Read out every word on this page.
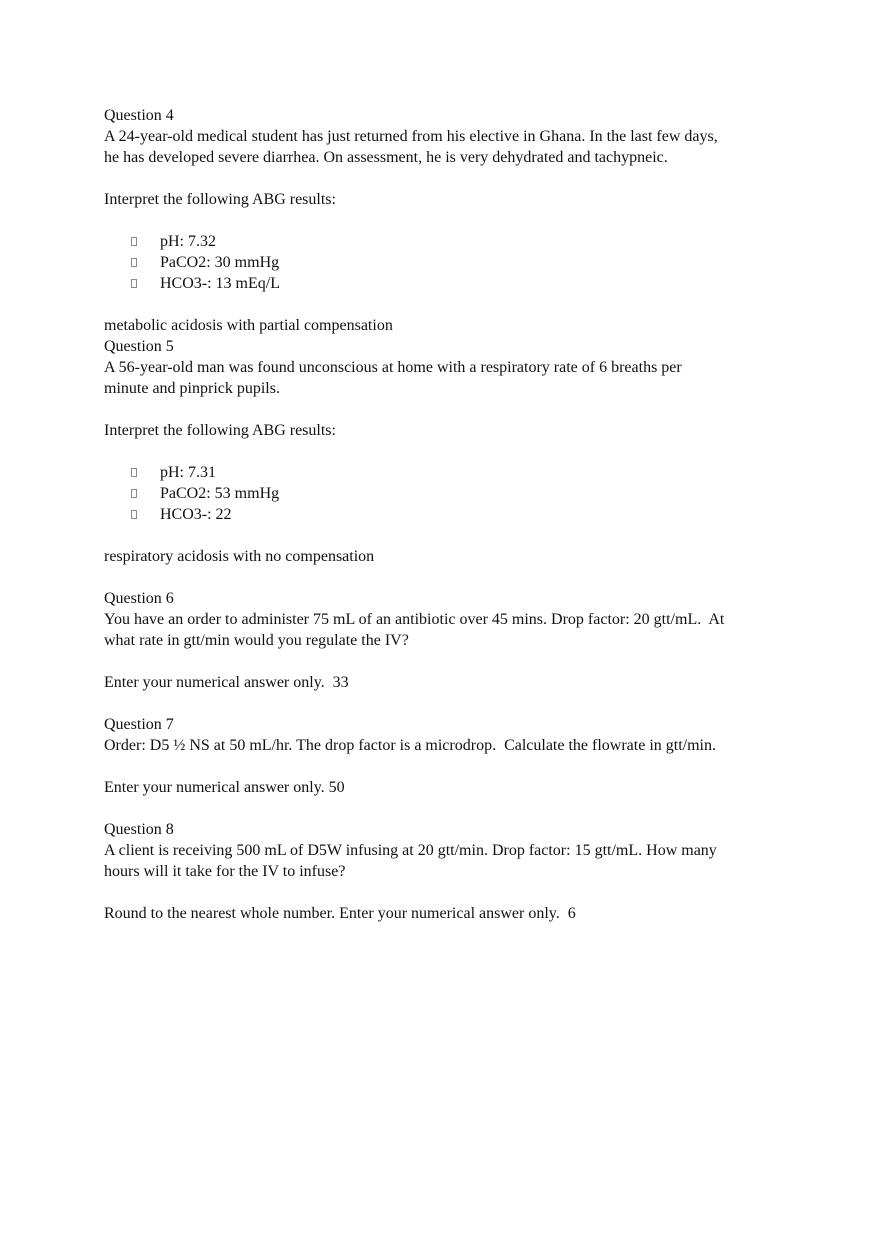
Question 4
A 24-year-old medical student has just returned from his elective in Ghana. In the last few days,
he has developed severe diarrhea. On assessment, he is very dehydrated and tachypneic.
Interpret the following ABG results:
pH: 7.32
PaCO2: 30 mmHg
HCO3-: 13 mEq/L
metabolic acidosis with partial compensation
Question 5
A 56-year-old man was found unconscious at home with a respiratory rate of 6 breaths per
minute and pinprick pupils.
Interpret the following ABG results:
pH: 7.31
PaCO2: 53 mmHg
HCO3-: 22
respiratory acidosis with no compensation
Question 6
You have an order to administer 75 mL of an antibiotic over 45 mins. Drop factor: 20 gtt/mL.  At
what rate in gtt/min would you regulate the IV?
Enter your numerical answer only.  33
Question 7
Order: D5 ½ NS at 50 mL/hr. The drop factor is a microdrop.  Calculate the flowrate in gtt/min.
Enter your numerical answer only. 50
Question 8
A client is receiving 500 mL of D5W infusing at 20 gtt/min. Drop factor: 15 gtt/mL. How many
hours will it take for the IV to infuse?
Round to the nearest whole number. Enter your numerical answer only.  6
